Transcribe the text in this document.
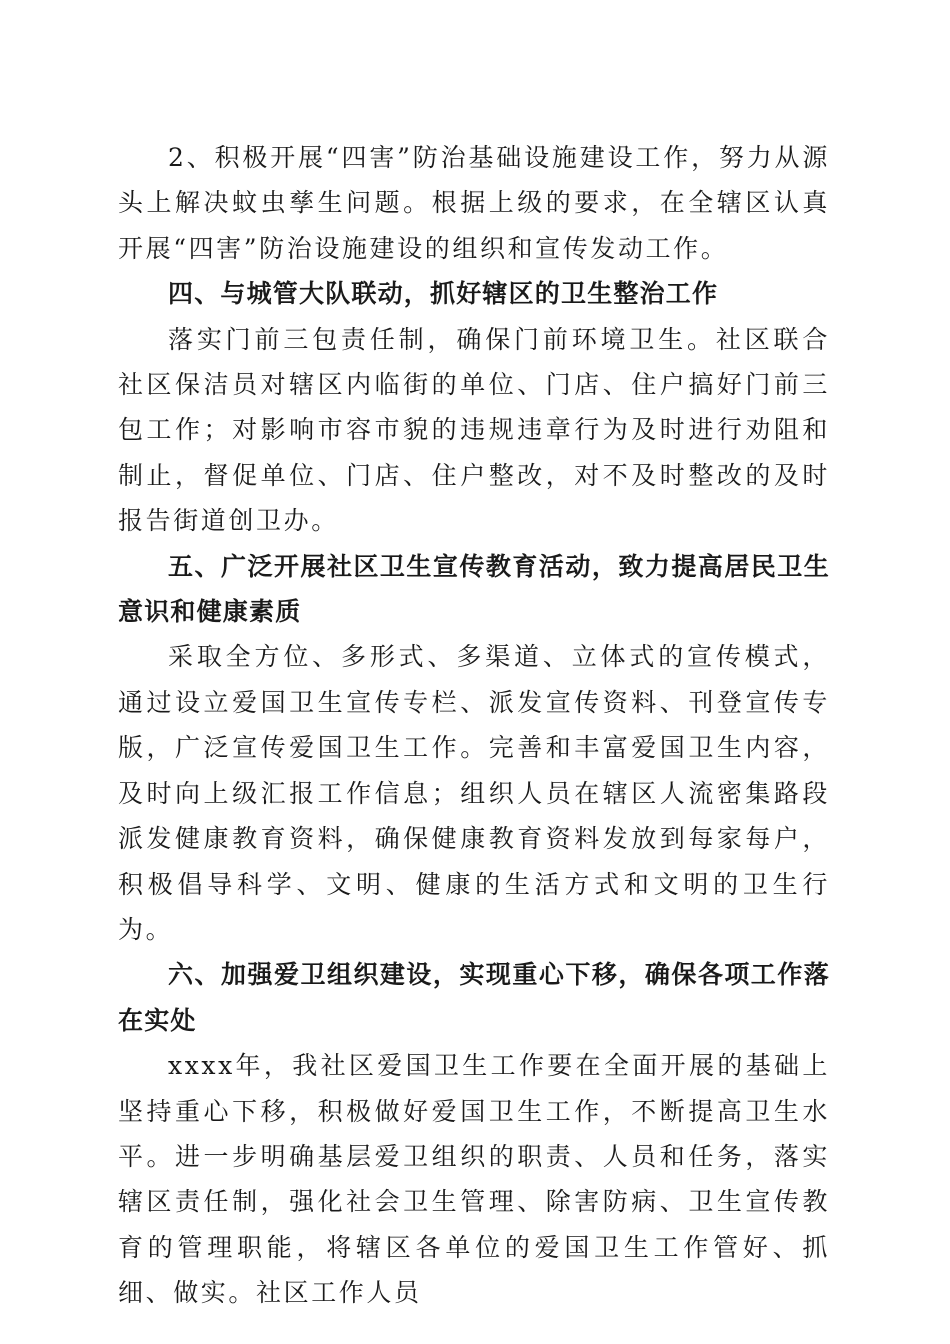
2、积极开展“四害”防治基础设施建设工作，努力从源头上解决蚊虫孳生问题。根据上级的要求，在全辖区认真开展“四害”防治设施建设的组织和宣传发动工作。

四、与城管大队联动，抓好辖区的卫生整治工作

落实门前三包责任制，确保门前环境卫生。社区联合社区保洁员对辖区内临街的单位、门店、住户搞好门前三包工作；对影响市容市貌的违规违章行为及时进行劝阻和制止，督促单位、门店、住户整改，对不及时整改的及时报告街道创卫办。

五、广泛开展社区卫生宣传教育活动，致力提高居民卫生意识和健康素质

采取全方位、多形式、多渠道、立体式的宣传模式，通过设立爱国卫生宣传专栏、派发宣传资料、刊登宣传专版，广泛宣传爱国卫生工作。完善和丰富爱国卫生内容，及时向上级汇报工作信息；组织人员在辖区人流密集路段派发健康教育资料，确保健康教育资料发放到每家每户，积极倡导科学、文明、健康的生活方式和文明的卫生行为。

六、加强爱卫组织建设，实现重心下移，确保各项工作落在实处

xxxx年，我社区爱国卫生工作要在全面开展的基础上坚持重心下移，积极做好爱国卫生工作，不断提高卫生水平。进一步明确基层爱卫组织的职责、人员和任务，落实辖区责任制，强化社会卫生管理、除害防病、卫生宣传教育的管理职能，将辖区各单位的爱国卫生工作管好、抓细、做实。社区工作人员
